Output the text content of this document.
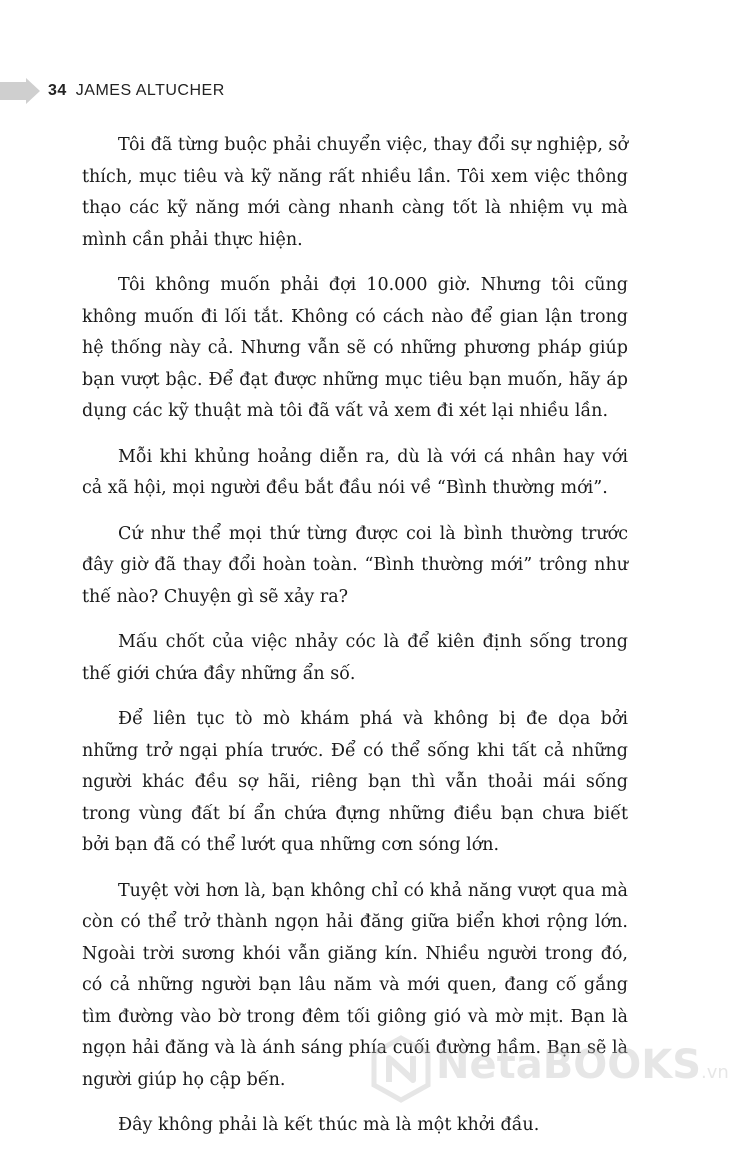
34 JAMES ALTUCHER

Tôi đã từng buộc phải chuyển việc, thay đổi sự nghiệp, sở thích, mục tiêu và kỹ năng rất nhiều lần. Tôi xem việc thông thạo các kỹ năng mới càng nhanh càng tốt là nhiệm vụ mà mình cần phải thực hiện.

Tôi không muốn phải đợi 10.000 giờ. Nhưng tôi cũng không muốn đi lối tắt. Không có cách nào để gian lận trong hệ thống này cả. Nhưng vẫn sẽ có những phương pháp giúp bạn vượt bậc. Để đạt được những mục tiêu bạn muốn, hãy áp dụng các kỹ thuật mà tôi đã vất vả xem đi xét lại nhiều lần.

Mỗi khi khủng hoảng diễn ra, dù là với cá nhân hay với cả xã hội, mọi người đều bắt đầu nói về “Bình thường mới”.

Cứ như thể mọi thứ từng được coi là bình thường trước đây giờ đã thay đổi hoàn toàn. “Bình thường mới” trông như thế nào? Chuyện gì sẽ xảy ra?

Mấu chốt của việc nhảy cóc là để kiên định sống trong thế giới chứa đầy những ẩn số.

Để liên tục tò mò khám phá và không bị đe dọa bởi những trở ngại phía trước. Để có thể sống khi tất cả những người khác đều sợ hãi, riêng bạn thì vẫn thoải mái sống trong vùng đất bí ẩn chứa đựng những điều bạn chưa biết bởi bạn đã có thể lướt qua những cơn sóng lớn.

Tuyệt vời hơn là, bạn không chỉ có khả năng vượt qua mà còn có thể trở thành ngọn hải đăng giữa biển khơi rộng lớn. Ngoài trời sương khói vẫn giăng kín. Nhiều người trong đó, có cả những người bạn lâu năm và mới quen, đang cố gắng tìm đường vào bờ trong đêm tối giông gió và mờ mịt. Bạn là ngọn hải đăng và là ánh sáng phía cuối đường hầm. Bạn sẽ là người giúp họ cập bến.

Đây không phải là kết thúc mà là một khởi đầu.

NetaBOOKS.vn
